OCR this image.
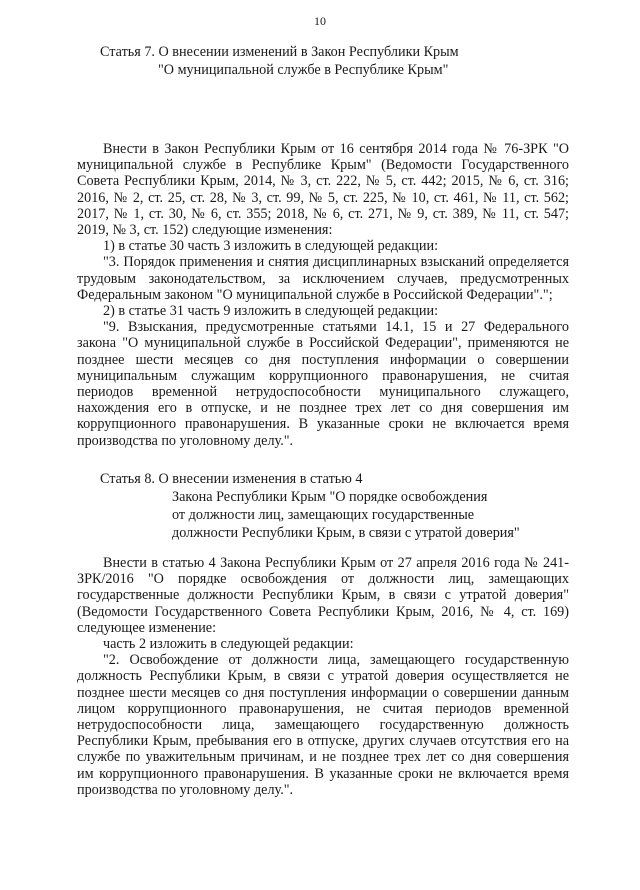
10
Статья 7. О внесении изменений в Закон Республики Крым
"О муниципальной службе в Республике Крым"

Внести в Закон Республики Крым от 16 сентября 2014 года № 76-ЗРК "О муниципальной службе в Республике Крым" (Ведомости Государственного Совета Республики Крым, 2014, № 3, ст. 222, № 5, ст. 442; 2015, № 6, ст. 316; 2016, № 2, ст. 25, ст. 28, № 3, ст. 99, № 5, ст. 225, № 10, ст. 461, № 11, ст. 562; 2017, № 1, ст. 30, № 6, ст. 355; 2018, № 6, ст. 271, № 9, ст. 389, № 11, ст. 547; 2019, № 3, ст. 152) следующие изменения:

1) в статье 30 часть 3 изложить в следующей редакции:

"3. Порядок применения и снятия дисциплинарных взысканий определяется трудовым законодательством, за исключением случаев, предусмотренных Федеральным законом "О муниципальной службе в Российской Федерации".";

2) в статье 31 часть 9 изложить в следующей редакции:

"9. Взыскания, предусмотренные статьями 14.1, 15 и 27 Федерального закона "О муниципальной службе в Российской Федерации", применяются не позднее шести месяцев со дня поступления информации о совершении муниципальным служащим коррупционного правонарушения, не считая периодов временной нетрудоспособности муниципального служащего, нахождения его в отпуске, и не позднее трех лет со дня совершения им коррупционного правонарушения. В указанные сроки не включается время производства по уголовному делу.".

Статья 8. О внесении изменения в статью 4
Закона Республики Крым "О порядке освобождения
от должности лиц, замещающих государственные
должности Республики Крым, в связи с утратой доверия"

Внести в статью 4 Закона Республики Крым от 27 апреля 2016 года № 241-ЗРК/2016 "О порядке освобождения от должности лиц, замещающих государственные должности Республики Крым, в связи с утратой доверия" (Ведомости Государственного Совета Республики Крым, 2016, № 4, ст. 169) следующее изменение:

часть 2 изложить в следующей редакции:

"2. Освобождение от должности лица, замещающего государственную должность Республики Крым, в связи с утратой доверия осуществляется не позднее шести месяцев со дня поступления информации о совершении данным лицом коррупционного правонарушения, не считая периодов временной нетрудоспособности лица, замещающего государственную должность Республики Крым, пребывания его в отпуске, других случаев отсутствия его на службе по уважительным причинам, и не позднее трех лет со дня совершения им коррупционного правонарушения. В указанные сроки не включается время производства по уголовному делу.".
